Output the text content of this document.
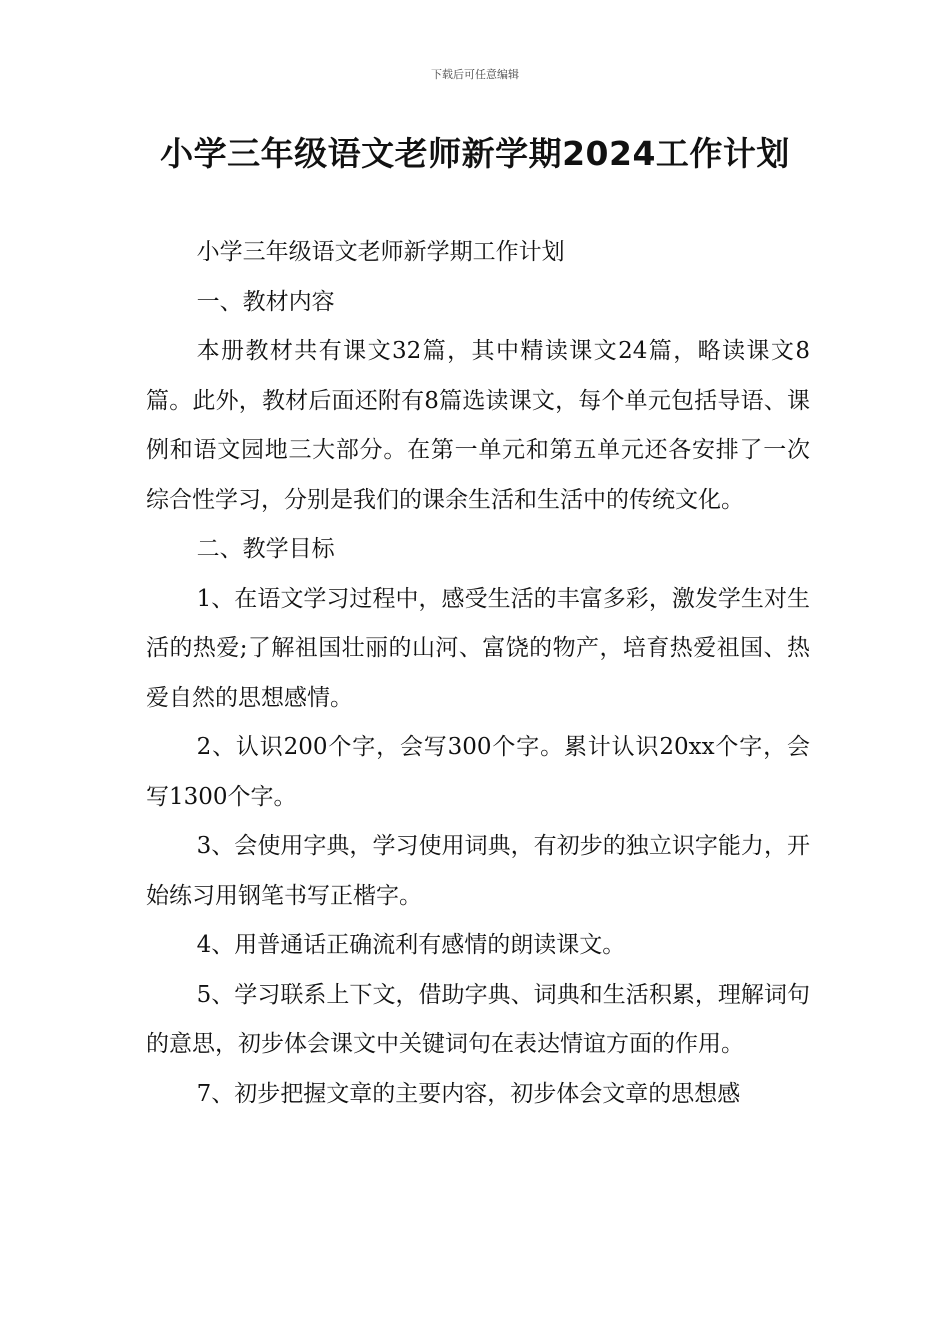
下载后可任意编辑
小学三年级语文老师新学期2024工作计划

小学三年级语文老师新学期工作计划

一、教材内容

本册教材共有课文32篇，其中精读课文24篇，略读课文8篇。此外，教材后面还附有8篇选读课文，每个单元包括导语、课例和语文园地三大部分。在第一单元和第五单元还各安排了一次综合性学习，分别是我们的课余生活和生活中的传统文化。

二、教学目标

1、在语文学习过程中，感受生活的丰富多彩，激发学生对生活的热爱;了解祖国壮丽的山河、富饶的物产，培育热爱祖国、热爱自然的思想感情。

2、认识200个字，会写300个字。累计认识20xx个字，会写1300个字。

3、会使用字典，学习使用词典，有初步的独立识字能力，开始练习用钢笔书写正楷字。

4、用普通话正确流利有感情的朗读课文。

5、学习联系上下文，借助字典、词典和生活积累，理解词句的意思，初步体会课文中关键词句在表达情谊方面的作用。

7、初步把握文章的主要内容，初步体会文章的思想感
